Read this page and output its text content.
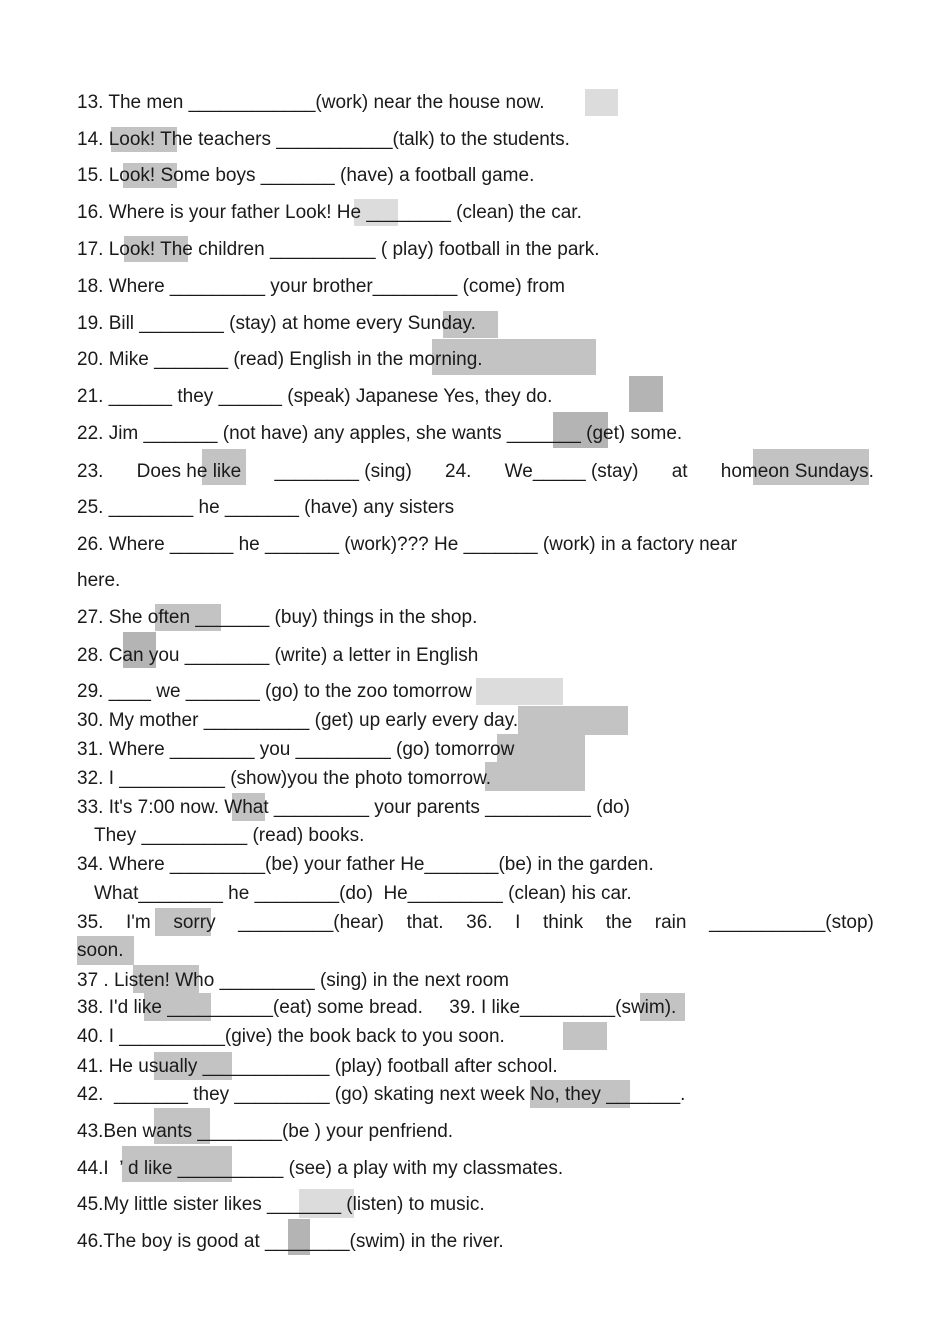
13. The men ____________(work) near the house now.
14. Look! The teachers ___________(talk) to the students.
15. Look! Some boys _______ (have) a football game.
16. Where is your father Look! He ________ (clean) the car.
17. Look! The children __________ ( play) football in the park.
18. Where _________ your brother________ (come) from
19. Bill ________ (stay) at home every Sunday.
20. Mike _______ (read) English in the morning.
21. ______ they ______ (speak) Japanese Yes, they do.
22. Jim _______ (not have) any apples, she wants _______ (get) some.
23. Does he like ________ (sing) 24. We_____ (stay) at homeon Sundays.
25. ________ he _______ (have) any sisters
26. Where ______ he _______ (work)??? He _______ (work) in a factory near
here.
27. She often _______ (buy) things in the shop.
28. Can you ________ (write) a letter in English
29. ____ we _______ (go) to the zoo tomorrow
30. My mother __________ (get) up early every day.
31. Where ________ you _________ (go) tomorrow
32. I __________ (show)you the photo tomorrow.
33. It's 7:00 now. What _________ your parents __________ (do)
They __________ (read) books.
34. Where _________(be) your father He_______(be) in the garden.
What________ he ________(do)  He_________ (clean) his car.
35. I'm sorry _________(hear) that. 36. I think the rain ___________(stop)
soon.
37 . Listen! Who _________ (sing) in the next room
38. I'd like __________(eat) some bread.     39. I like_________(swim).
40. I __________(give) the book back to you soon.
41. He usually ____________ (play) football after school.
42.  _______ they _________ (go) skating next week No, they _______.
43.Ben wants ________(be ) your penfriend.
44.I  ’ d like __________ (see) a play with my classmates.
45.My little sister likes _______ (listen) to music.
46.The boy is good at ________(swim) in the river.
